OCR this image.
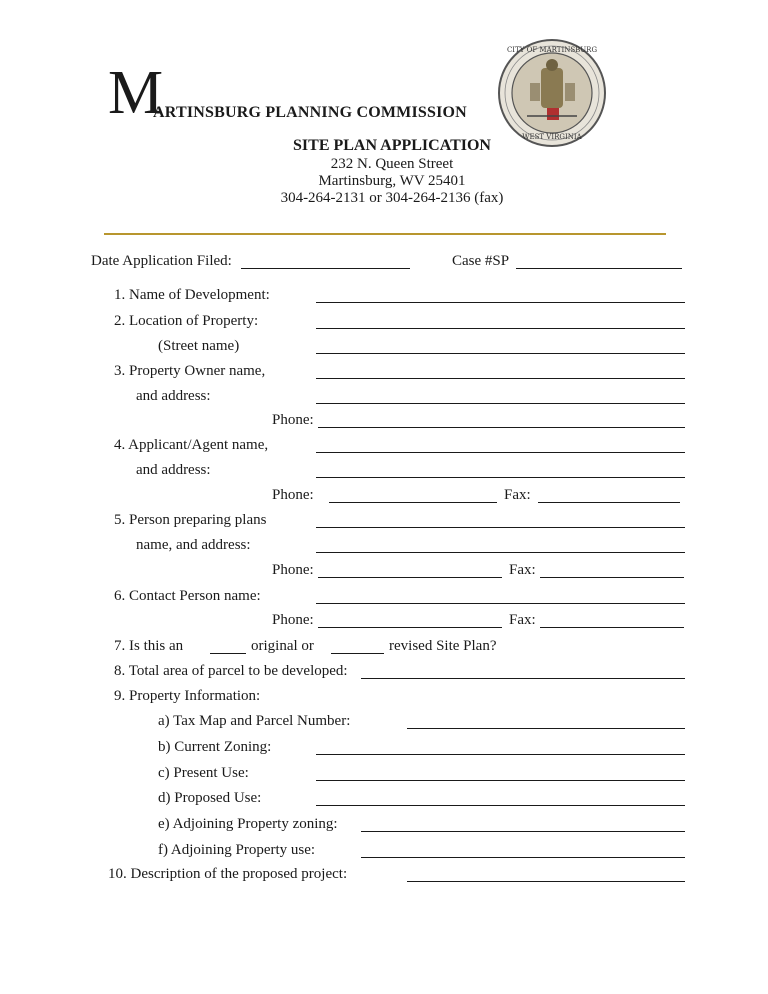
M
ARTINSBURG PLANNING COMMISSION
CITY OF MARTINSBURG
WEST VIRGINIA
SITE PLAN APPLICATION
232 N. Queen Street
Martinsburg, WV 25401
304-264-2131 or 304-264-2136 (fax)
Date Application Filed:	Case #SP
1. Name of Development:
2. Location of Property:
(Street name)
3. Property Owner name,
and address:
Phone:
4. Applicant/Agent name,
and address:
Phone:	Fax:
5. Person preparing plans
name, and address:
Phone:	Fax:
6. Contact Person name:
Phone:	Fax:
7. Is this an	original or	revised Site Plan?
8. Total area of parcel to be developed:
9. Property Information:
a) Tax Map and Parcel Number:
b) Current Zoning:
c) Present Use:
d) Proposed Use:
e) Adjoining Property zoning:
f) Adjoining Property use:
10. Description of the proposed project:
